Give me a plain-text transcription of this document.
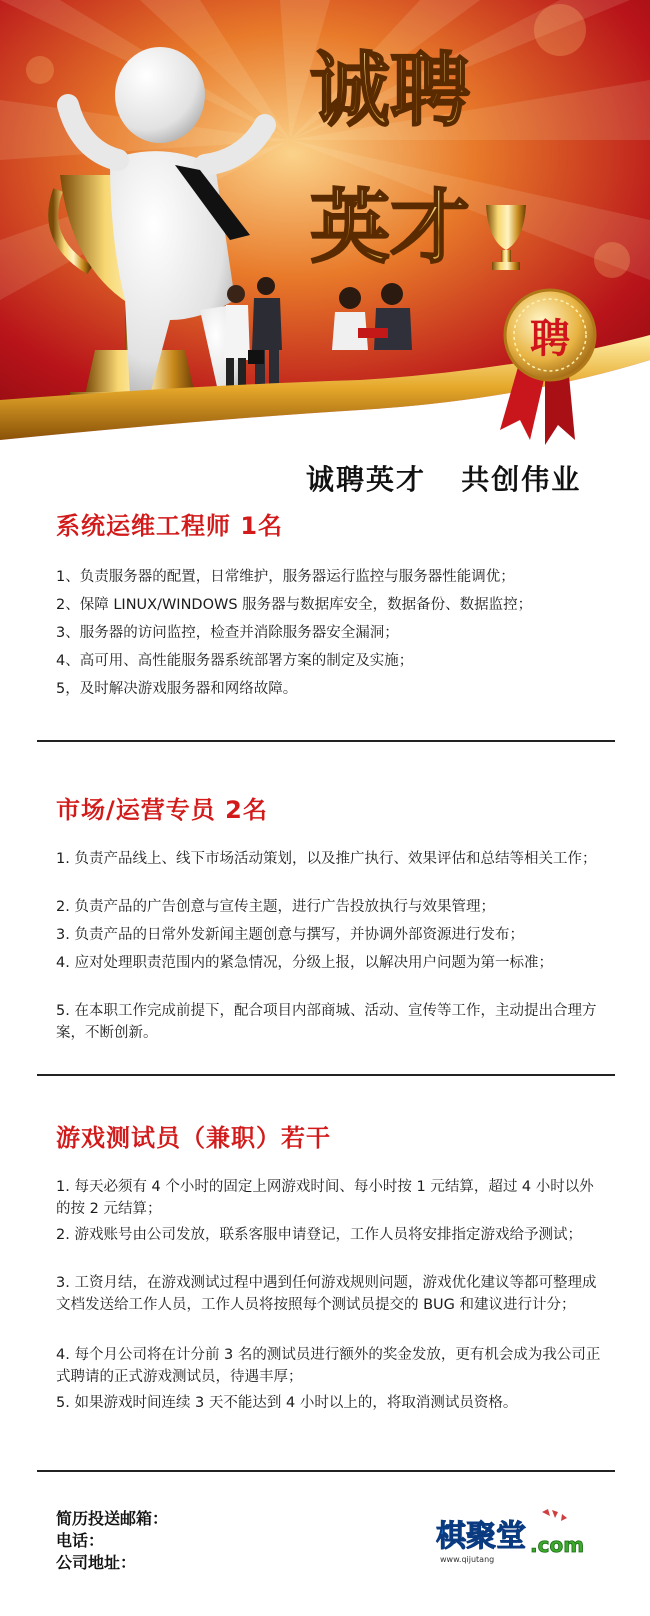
诚聘
英才
聘
诚聘英才   共创伟业
系统运维工程师 1名
1、负责服务器的配置，日常维护，服务器运行监控与服务器性能调优；
2、保障 LINUX/WINDOWS 服务器与数据库安全，数据备份、数据监控；
3、服务器的访问监控，检查并消除服务器安全漏洞；
4、高可用、高性能服务器系统部署方案的制定及实施；
5，及时解决游戏服务器和网络故障。
市场/运营专员 2名
1. 负责产品线上、线下市场活动策划，以及推广执行、效果评估和总结等相关工作；
2. 负责产品的广告创意与宣传主题，进行广告投放执行与效果管理；
3. 负责产品的日常外发新闻主题创意与撰写，并协调外部资源进行发布；
4. 应对处理职责范围内的紧急情况，分级上报，以解决用户问题为第一标准；
5. 在本职工作完成前提下，配合项目内部商城、活动、宣传等工作，主动提出合理方案，不断创新。
游戏测试员（兼职）若干
1. 每天必须有 4 个小时的固定上网游戏时间、每小时按 1 元结算，超过 4 小时以外的按 2 元结算；
2. 游戏账号由公司发放，联系客服申请登记，工作人员将安排指定游戏给予测试；
3. 工资月结，在游戏测试过程中遇到任何游戏规则问题，游戏优化建议等都可整理成文档发送给工作人员，工作人员将按照每个测试员提交的 BUG 和建议进行计分；
4. 每个月公司将在计分前 3 名的测试员进行额外的奖金发放，更有机会成为我公司正式聘请的正式游戏测试员，待遇丰厚；
5. 如果游戏时间连续 3 天不能达到 4 小时以上的，将取消测试员资格。
简历投送邮箱：
电话：
公司地址：
棋聚堂 .com
www.qijutang
